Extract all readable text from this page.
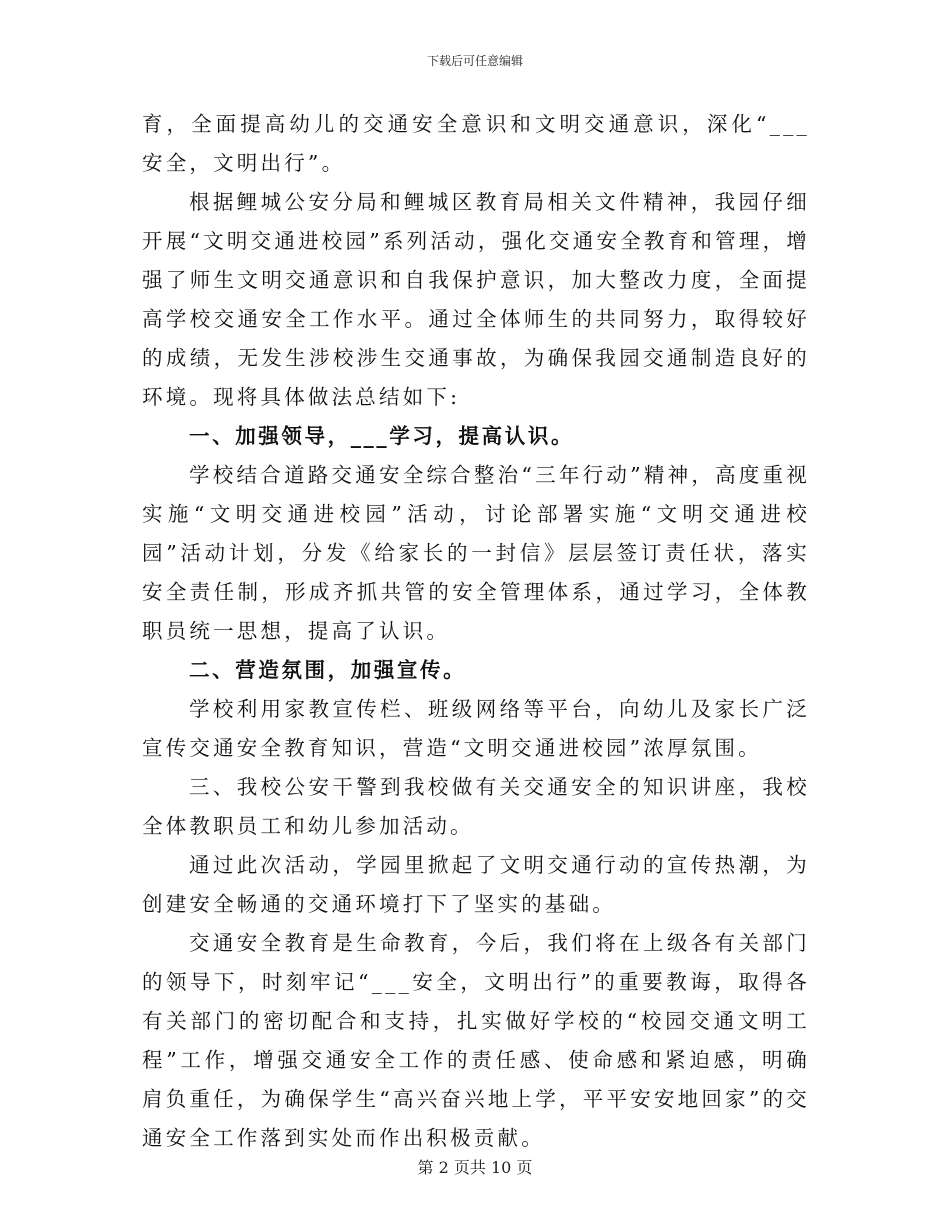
下载后可任意编辑

育，全面提高幼儿的交通安全意识和文明交通意识，深化“___安全，文明出行”。

根据鲤城公安分局和鲤城区教育局相关文件精神，我园仔细开展“文明交通进校园”系列活动，强化交通安全教育和管理，增强了师生文明交通意识和自我保护意识，加大整改力度，全面提高学校交通安全工作水平。通过全体师生的共同努力，取得较好的成绩，无发生涉校涉生交通事故，为确保我园交通制造良好的环境。现将具体做法总结如下:

一、加强领导，___学习，提高认识。

学校结合道路交通安全综合整治“三年行动”精神，高度重视实施“文明交通进校园”活动，讨论部署实施“文明交通进校园”活动计划，分发《给家长的一封信》层层签订责任状，落实安全责任制，形成齐抓共管的安全管理体系，通过学习，全体教职员统一思想，提高了认识。

二、营造氛围，加强宣传。

学校利用家教宣传栏、班级网络等平台，向幼儿及家长广泛宣传交通安全教育知识，营造“文明交通进校园”浓厚氛围。

三、我校公安干警到我校做有关交通安全的知识讲座，我校全体教职员工和幼儿参加活动。

通过此次活动，学园里掀起了文明交通行动的宣传热潮，为创建安全畅通的交通环境打下了坚实的基础。

交通安全教育是生命教育，今后，我们将在上级各有关部门的领导下，时刻牢记“___安全，文明出行”的重要教诲，取得各有关部门的密切配合和支持，扎实做好学校的“校园交通文明工程”工作，增强交通安全工作的责任感、使命感和紧迫感，明确肩负重任，为确保学生“高兴奋兴地上学，平平安安地回家”的交通安全工作落到实处而作出积极贡献。

第 2 页共 10 页
